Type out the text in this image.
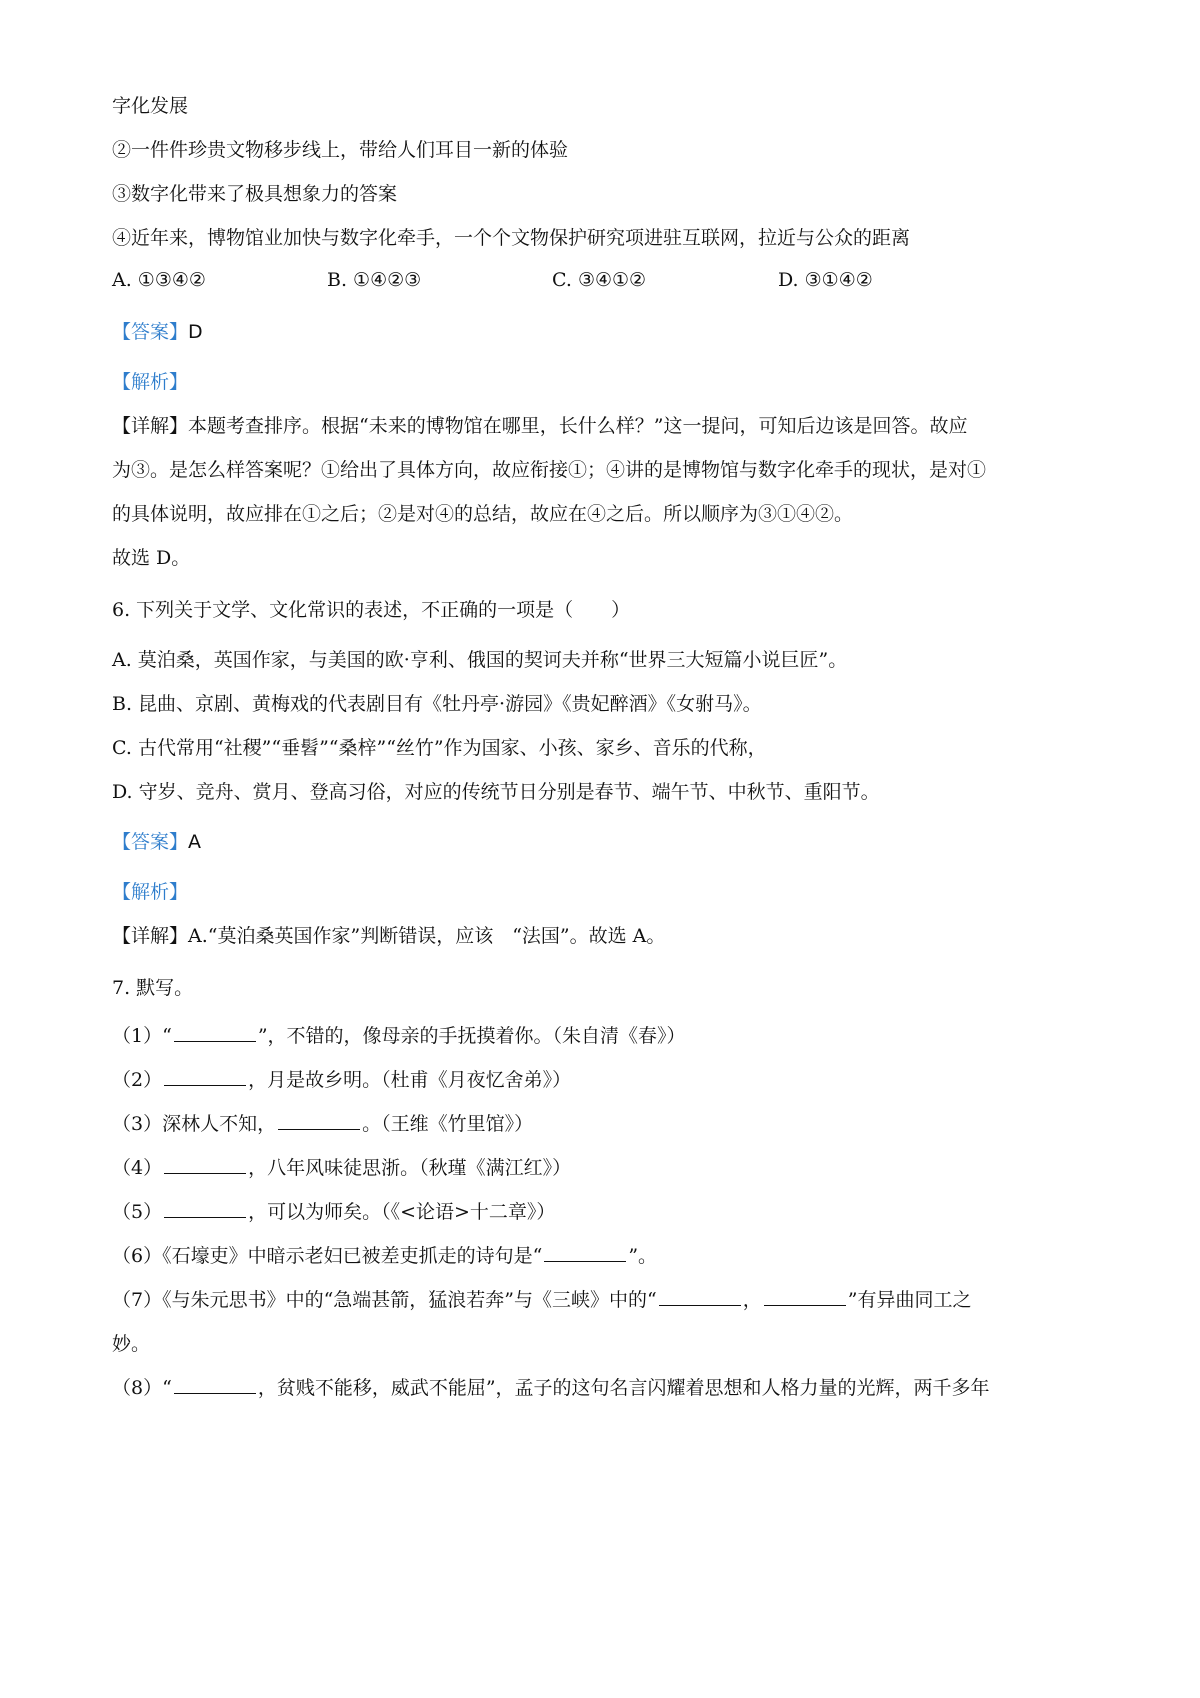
字化发展
②一件件珍贵文物移步线上，带给人们耳目一新的体验
③数字化带来了极具想象力的答案
④近年来，博物馆业加快与数字化牵手，一个个文物保护研究项进驻互联网，拉近与公众的距离
A. ①③④②	B. ①④②③	C. ③④①②	D. ③①④②
【答案】D
【解析】
【详解】本题考查排序。根据“未来的博物馆在哪里，长什么样？”这一提问，可知后边该是回答。故应
为③。是怎么样答案呢？①给出了具体方向，故应衔接①；④讲的是博物馆与数字化牵手的现状，是对①
的具体说明，故应排在①之后；②是对④的总结，故应在④之后。所以顺序为③①④②。
故选 D。
6. 下列关于文学、文化常识的表述，不正确的一项是（　　）
A. 莫泊桑，英国作家，与美国的欧·亨利、俄国的契诃夫并称“世界三大短篇小说巨匠”。
B. 昆曲、京剧、黄梅戏的代表剧目有《牡丹亭·游园》《贵妃醉酒》《女驸马》。
C. 古代常用“社稷”“垂髫”“桑梓”“丝竹”作为国家、小孩、家乡、音乐的代称，
D. 守岁、竞舟、赏月、登高习俗，对应的传统节日分别是春节、端午节、中秋节、重阳节。
【答案】A
【解析】
【详解】A.“莫泊桑英国作家”判断错误，应该　“法国”。故选 A。
7. 默写。
（1）“	”，不错的，像母亲的手抚摸着你。（朱自清《春》）
（2）	，月是故乡明。（杜甫《月夜忆舍弟》）
（3）深林人不知，	。（王维《竹里馆》）
（4）	，八年风味徒思浙。（秋瑾《满江红》）
（5）	，可以为师矣。（《<论语>十二章》）
（6）《石壕吏》中暗示老妇已被差吏抓走的诗句是“	”。
（7）《与朱元思书》中的“急端甚箭，猛浪若奔”与《三峡》中的“	，	”有异曲同工之
妙。
（8）“	，贫贱不能移，威武不能屈”，孟子的这句名言闪耀着思想和人格力量的光辉，两千多年
